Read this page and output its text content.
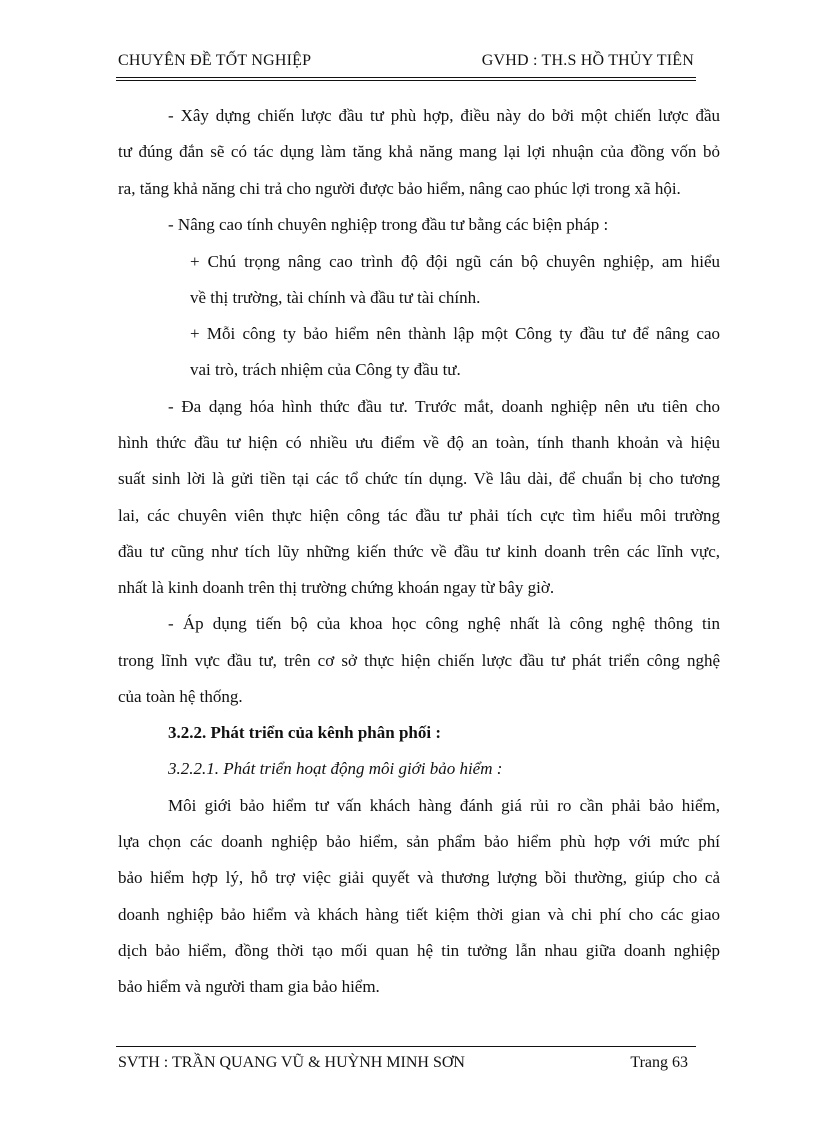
CHUYÊN ĐỀ TỐT NGHIỆP	GVHD : TH.S HỒ THỦY TIÊN
- Xây dựng chiến lược đầu tư phù hợp, điều này do bởi một chiến lược đầu
tư đúng đắn sẽ có tác dụng làm tăng khả năng mang lại lợi nhuận của đồng vốn bỏ
ra, tăng khả năng chi trả cho người được bảo hiểm, nâng cao phúc lợi trong xã hội.
- Nâng cao tính chuyên nghiệp trong đầu tư bằng các biện pháp :
+ Chú trọng nâng cao trình độ đội ngũ cán bộ chuyên nghiệp, am hiểu
về thị trường, tài chính và đầu tư tài chính.
+ Mỗi công ty bảo hiểm nên thành lập một Công ty đầu tư để nâng cao
vai trò, trách nhiệm của Công ty đầu tư.
- Đa dạng hóa hình thức đầu tư. Trước mắt, doanh nghiệp nên ưu tiên cho
hình thức đầu tư hiện có nhiều ưu điểm về độ an toàn, tính thanh khoản và hiệu
suất sinh lời là gửi tiền tại các tổ chức tín dụng. Về lâu dài, để chuẩn bị cho tương
lai, các chuyên viên thực hiện công tác đầu tư phải tích cực tìm hiểu môi trường
đầu tư cũng như tích lũy những kiến thức về đầu tư kinh doanh trên các lĩnh vực,
nhất là kinh doanh trên thị trường chứng khoán ngay từ bây giờ.
- Áp dụng tiến bộ của khoa học công nghệ nhất là công nghệ thông tin
trong lĩnh vực đầu tư, trên cơ sở thực hiện chiến lược đầu tư phát triển công nghệ
của toàn hệ thống.
3.2.2. Phát triển của kênh phân phối :
3.2.2.1. Phát triển hoạt động môi giới bảo hiểm :
Môi giới bảo hiểm tư vấn khách hàng đánh giá rủi ro cần phải bảo hiểm,
lựa chọn các doanh nghiệp bảo hiểm, sản phẩm bảo hiểm phù hợp với mức phí
bảo hiểm hợp lý, hỗ trợ việc giải quyết và thương lượng bồi thường, giúp cho cả
doanh nghiệp bảo hiểm và khách hàng tiết kiệm thời gian và chi phí cho các giao
dịch bảo hiểm, đồng thời tạo mối quan hệ tin tưởng lẫn nhau giữa doanh nghiệp
bảo hiểm và người tham gia bảo hiểm.
SVTH : TRẦN QUANG VŨ & HUỲNH MINH SƠN	Trang 63
